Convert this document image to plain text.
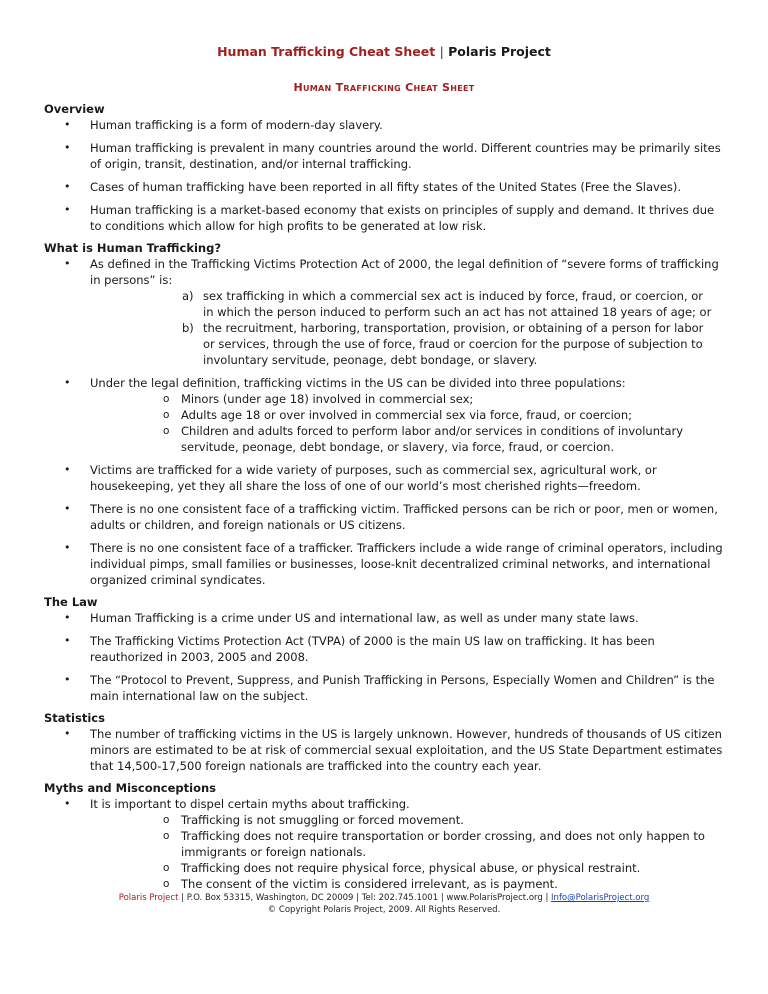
Human Trafficking Cheat Sheet | Polaris Project
Human Trafficking Cheat Sheet
Overview
• Human trafficking is a form of modern-day slavery.
• Human trafficking is prevalent in many countries around the world. Different countries may be primarily sites of origin, transit, destination, and/or internal trafficking.
• Cases of human trafficking have been reported in all fifty states of the United States (Free the Slaves).
• Human trafficking is a market-based economy that exists on principles of supply and demand. It thrives due to conditions which allow for high profits to be generated at low risk.
What is Human Trafficking?
• As defined in the Trafficking Victims Protection Act of 2000, the legal definition of “severe forms of trafficking in persons” is:
a) sex trafficking in which a commercial sex act is induced by force, fraud, or coercion, or in which the person induced to perform such an act has not attained 18 years of age; or
b) the recruitment, harboring, transportation, provision, or obtaining of a person for labor or services, through the use of force, fraud or coercion for the purpose of subjection to involuntary servitude, peonage, debt bondage, or slavery.
• Under the legal definition, trafficking victims in the US can be divided into three populations:
o Minors (under age 18) involved in commercial sex;
o Adults age 18 or over involved in commercial sex via force, fraud, or coercion;
o Children and adults forced to perform labor and/or services in conditions of involuntary servitude, peonage, debt bondage, or slavery, via force, fraud, or coercion.
• Victims are trafficked for a wide variety of purposes, such as commercial sex, agricultural work, or housekeeping, yet they all share the loss of one of our world’s most cherished rights—freedom.
• There is no one consistent face of a trafficking victim. Trafficked persons can be rich or poor, men or women, adults or children, and foreign nationals or US citizens.
• There is no one consistent face of a trafficker. Traffickers include a wide range of criminal operators, including individual pimps, small families or businesses, loose-knit decentralized criminal networks, and international organized criminal syndicates.
The Law
• Human Trafficking is a crime under US and international law, as well as under many state laws.
• The Trafficking Victims Protection Act (TVPA) of 2000 is the main US law on trafficking. It has been reauthorized in 2003, 2005 and 2008.
• The “Protocol to Prevent, Suppress, and Punish Trafficking in Persons, Especially Women and Children” is the main international law on the subject.
Statistics
• The number of trafficking victims in the US is largely unknown. However, hundreds of thousands of US citizen minors are estimated to be at risk of commercial sexual exploitation, and the US State Department estimates that 14,500-17,500 foreign nationals are trafficked into the country each year.
Myths and Misconceptions
• It is important to dispel certain myths about trafficking.
o Trafficking is not smuggling or forced movement.
o Trafficking does not require transportation or border crossing, and does not only happen to immigrants or foreign nationals.
o Trafficking does not require physical force, physical abuse, or physical restraint.
o The consent of the victim is considered irrelevant, as is payment.
Polaris Project | P.O. Box 53315, Washington, DC 20009 | Tel: 202.745.1001 | www.PolarisProject.org | Info@PolarisProject.org
© Copyright Polaris Project, 2009. All Rights Reserved.
